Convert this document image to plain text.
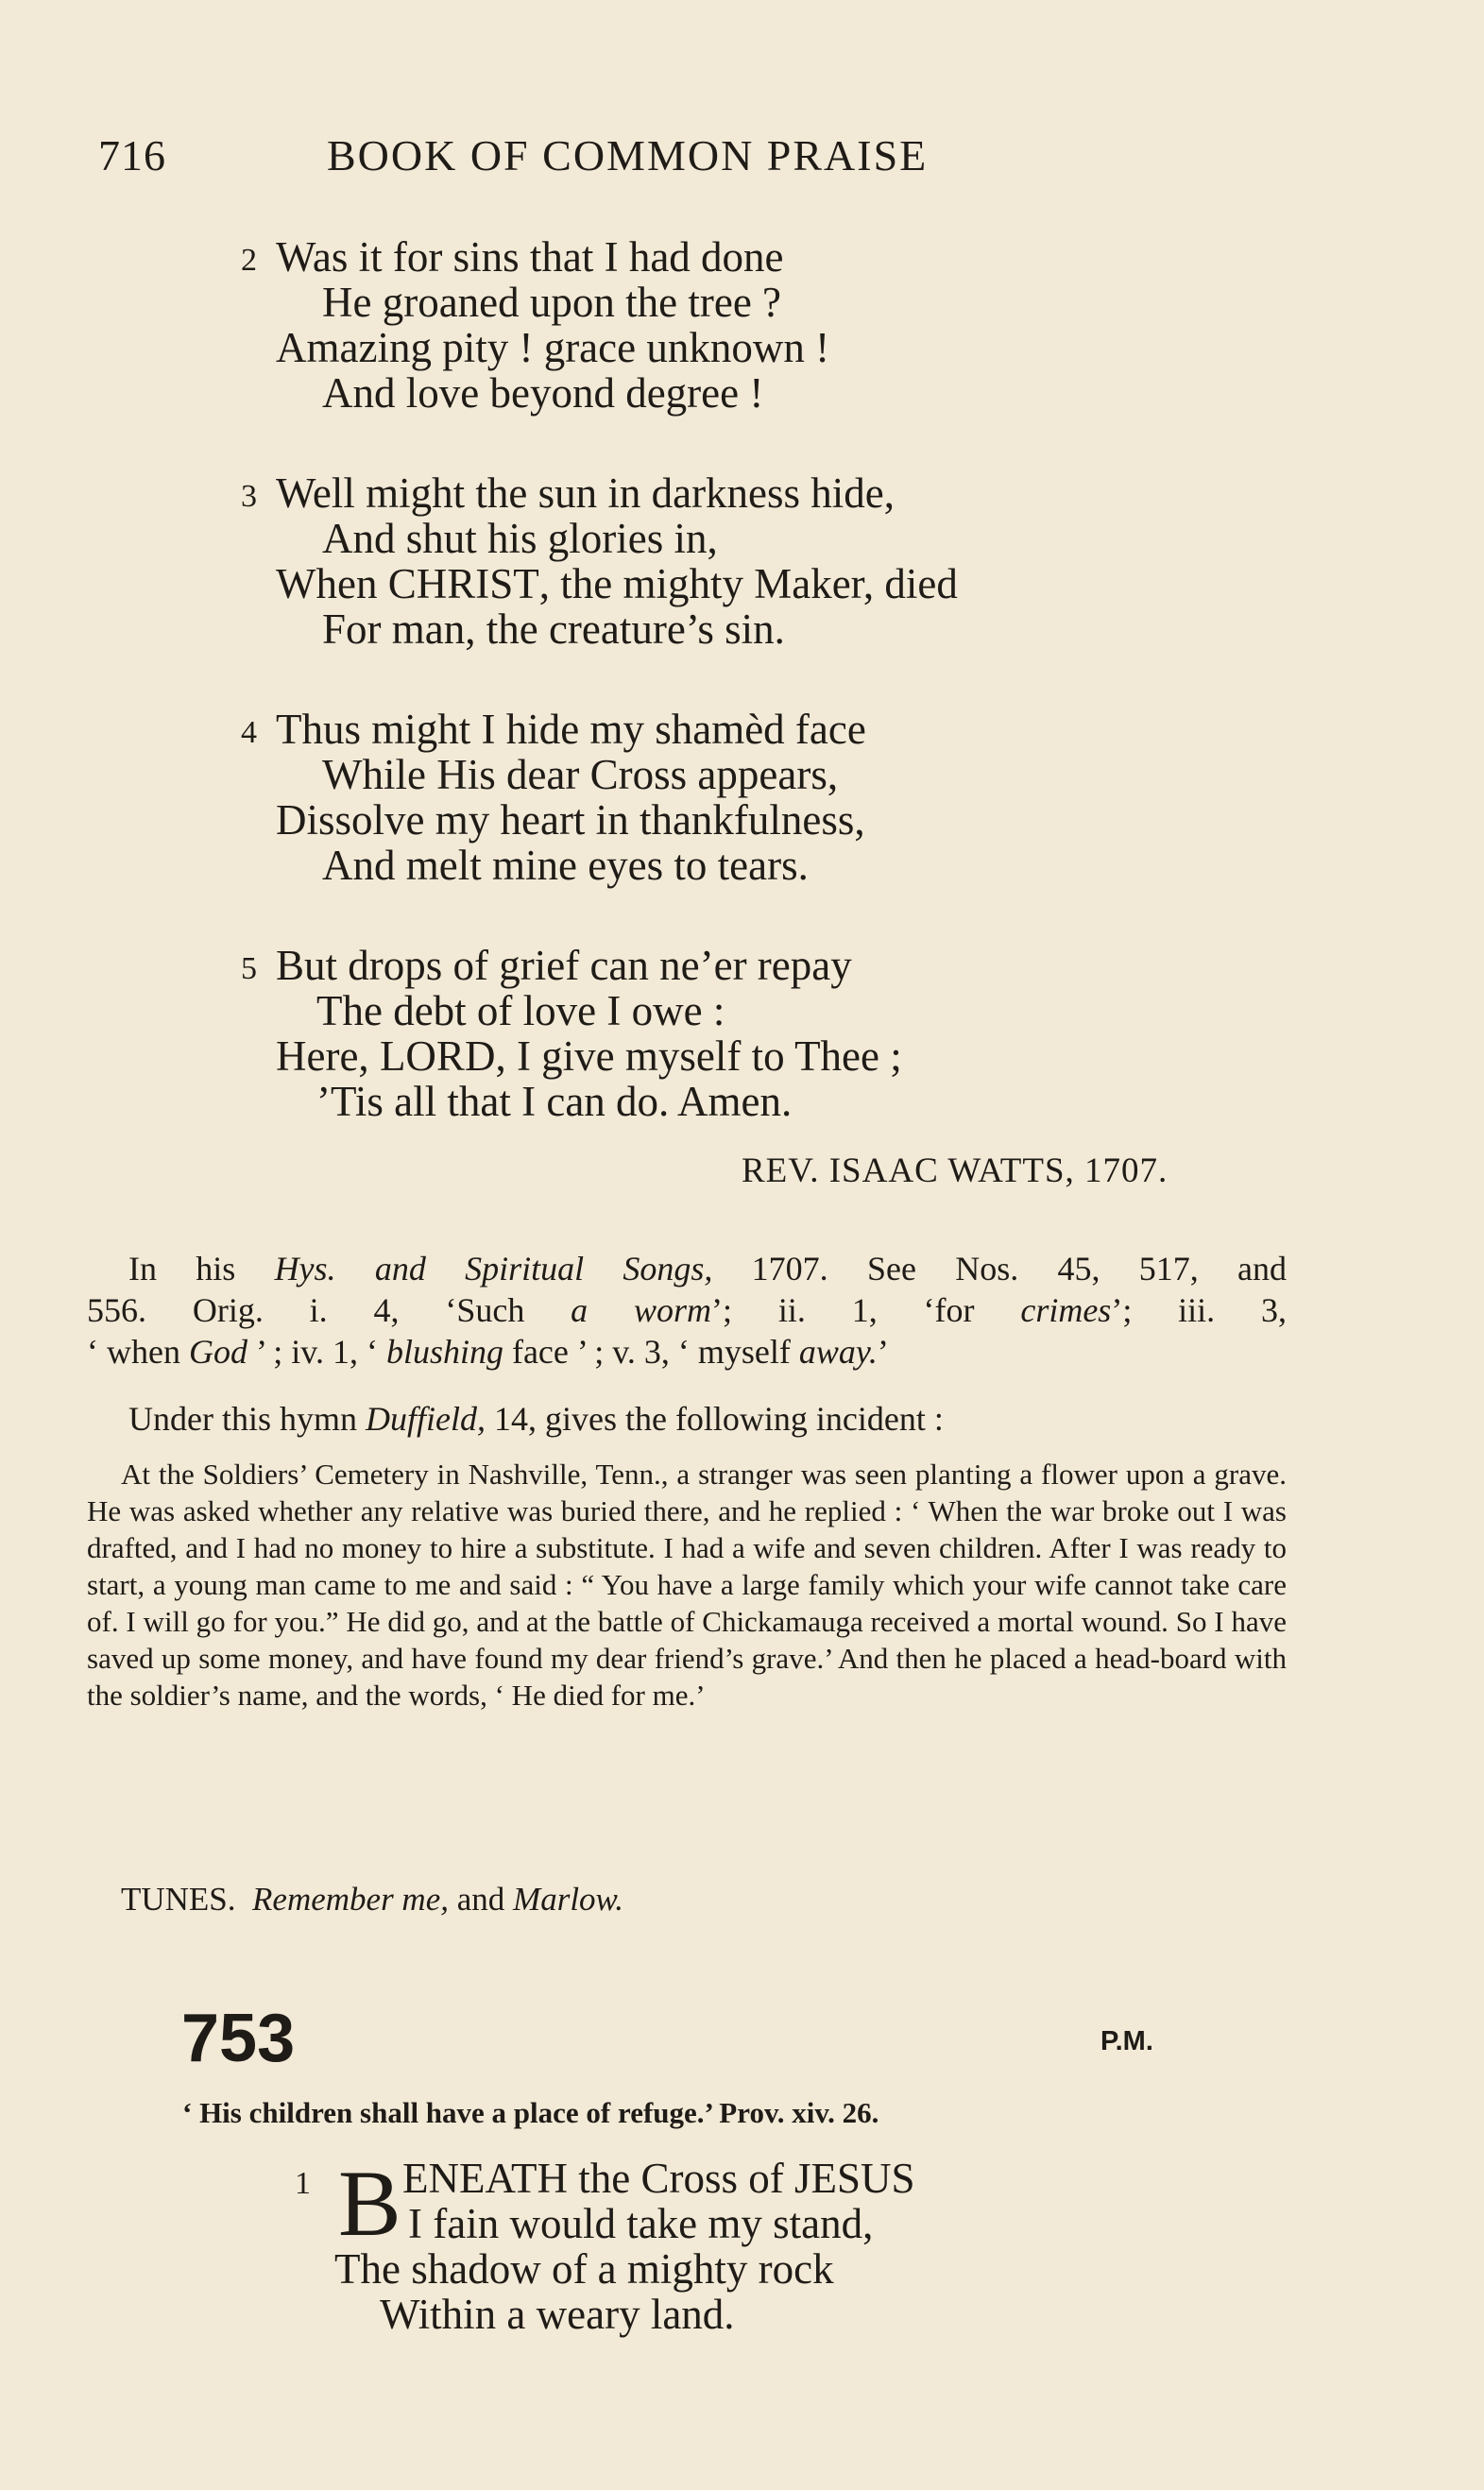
716	BOOK OF COMMON PRAISE
2 Was it for sins that I had done
He groaned upon the tree ?
Amazing pity ! grace unknown !
And love beyond degree !
3 Well might the sun in darkness hide,
And shut his glories in,
When CHRIST, the mighty Maker, died
For man, the creature’s sin.
4 Thus might I hide my shamèd face
While His dear Cross appears,
Dissolve my heart in thankfulness,
And melt mine eyes to tears.
5 But drops of grief can ne’er repay
The debt of love I owe :
Here, LORD, I give myself to Thee ;
’Tis all that I can do. Amen.
REV. ISAAC WATTS, 1707.
In his Hys. and Spiritual Songs, 1707. See Nos. 45, 517, and
556. Orig. i. 4, ‘Such a worm’; ii. 1, ‘for crimes’; iii. 3,
‘ when God ’ ; iv. 1, ‘ blushing face ’ ; v. 3, ‘ myself away.’
Under this hymn Duffield, 14, gives the following incident :
At the Soldiers’ Cemetery in Nashville, Tenn., a stranger was seen planting a flower upon a grave. He was asked whether any relative was buried there, and he replied : ‘ When the war broke out I was drafted, and I had no money to hire a substitute. I had a wife and seven children. After I was ready to start, a young man came to me and said : “ You have a large family which your wife cannot take care of. I will go for you.” He did go, and at the battle of Chickamauga received a mortal wound. So I have saved up some money, and have found my dear friend’s grave.’ And then he placed a head-board with the soldier’s name, and the words, ‘ He died for me.’
TUNES. Remember me, and Marlow.
753	P.M.
‘ His children shall have a place of refuge.’ Prov. xiv. 26.
1 B ENEATH the Cross of JESUS
I fain would take my stand,
The shadow of a mighty rock
Within a weary land.
